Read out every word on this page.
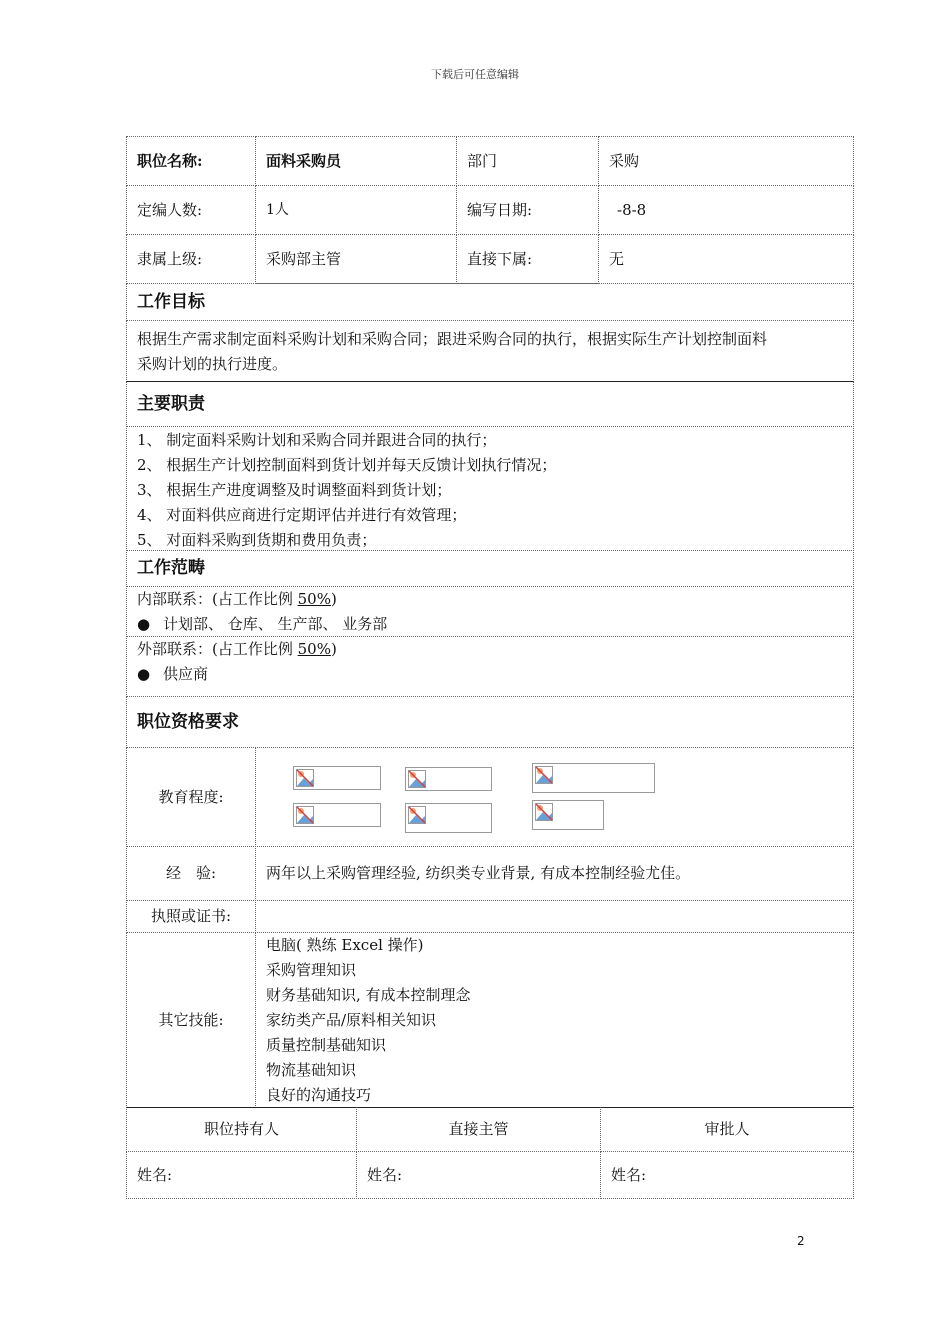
下载后可任意编辑
职位名称:	面料采购员	部门	采购
定编人数:	1人	编写日期:	-8-8
隶属上级:	采购部主管	直接下属:	无
工作目标
根据生产需求制定面料采购计划和采购合同；跟进采购合同的执行，根据实际生产计划控制面料
采购计划的执行进度。
主要职责
1、 制定面料采购计划和采购合同并跟进合同的执行；
2、 根据生产计划控制面料到货计划并每天反馈计划执行情况；
3、 根据生产进度调整及时调整面料到货计划；
4、 对面料供应商进行定期评估并进行有效管理；
5、 对面料采购到货期和费用负责；
工作范畴
内部联系：(占工作比例 50%)
● 计划部、 仓库、 生产部、 业务部
外部联系：(占工作比例 50%)
● 供应商
职位资格要求
教育程度:
经　验:	两年以上采购管理经验, 纺织类专业背景, 有成本控制经验尤佳。
执照或证书:
其它技能:
电脑( 熟练 Excel 操作)
采购管理知识
财务基础知识, 有成本控制理念
家纺类产品/原料相关知识
质量控制基础知识
物流基础知识
良好的沟通技巧
职位持有人	直接主管	审批人
姓名:	姓名:	姓名:
2
